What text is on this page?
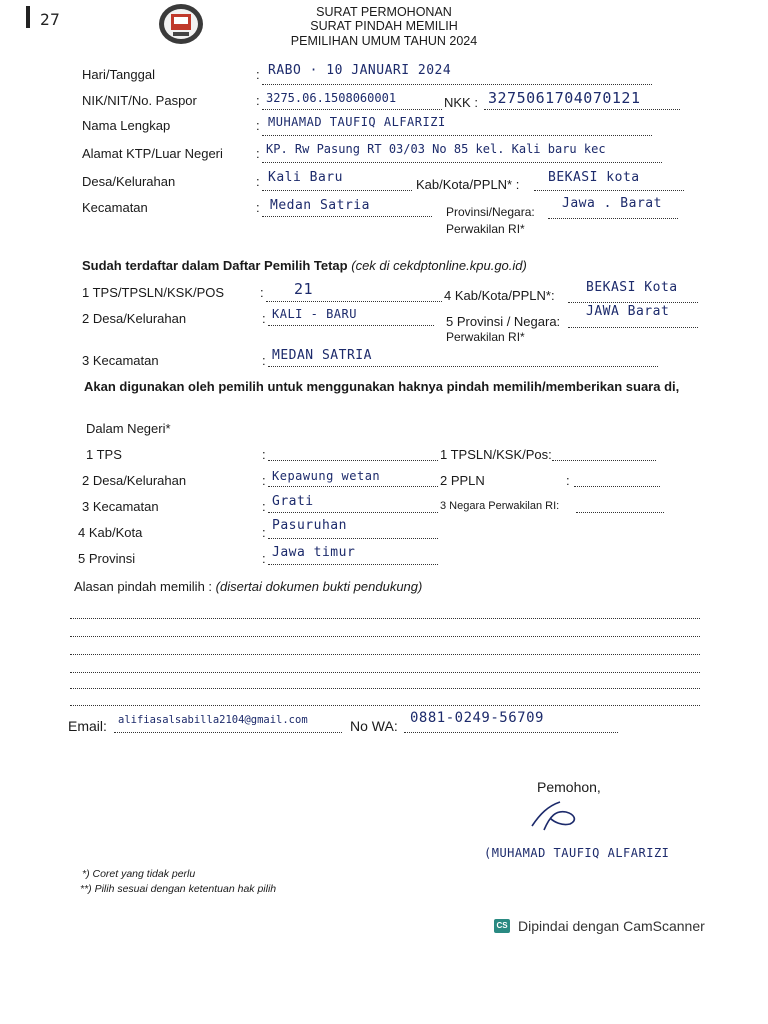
27	SURAT PERMOHONAN
SURAT PINDAH MEMILIH
PEMILIHAN UMUM TAHUN 2024
Hari/Tanggal	: RABO · 10 JANUARI 2024
NIK/NIT/No. Paspor	: 3275.06.1508060001	NKK : 3275061704070121
Nama Lengkap	: MUHAMAD TAUFIQ ALFARIZI
Alamat KTP/Luar Negeri	: KP. Rw Pasung RT 03/03 No 85 kel. Kali baru kec
Desa/Kelurahan	: Kali Baru	Kab/Kota/PPLN* : BEKASI kota
Kecamatan	: Medan Satria	Provinsi/Negara:
Jawa . Barat
Perwakilan RI*
Sudah terdaftar dalam Daftar Pemilih Tetap (cek di cekdptonline.kpu.go.id)
1 TPS/TPSLN/KSK/POS	: 21	4 Kab/Kota/PPLN*:
BEKASI Kota
2 Desa/Kelurahan	: KALI - BARU	5 Provinsi / Negara:
JAWA Barat
Perwakilan RI*
3 Kecamatan	: MEDAN SATRIA
Akan digunakan oleh pemilih untuk menggunakan haknya pindah memilih/memberikan suara di,
Dalam Negeri*
1 TPS	:	1 TPSLN/KSK/Pos:
2 Desa/Kelurahan	: Kepawung wetan	2 PPLN	:
3 Kecamatan	: Grati	3 Negara Perwakilan RI:
4 Kab/Kota	: Pasuruhan
5 Provinsi	: Jawa timur
Alasan pindah memilih : (disertai dokumen bukti pendukung)
Email: alifiasalsabilla2104@gmail.com	No WA: 0881-0249-56709
Pemohon,
(MUHAMAD TAUFIQ ALFARIZI
*) Coret yang tidak perlu
**) Pilih sesuai dengan ketentuan hak pilih
CS Dipindai dengan CamScanner
